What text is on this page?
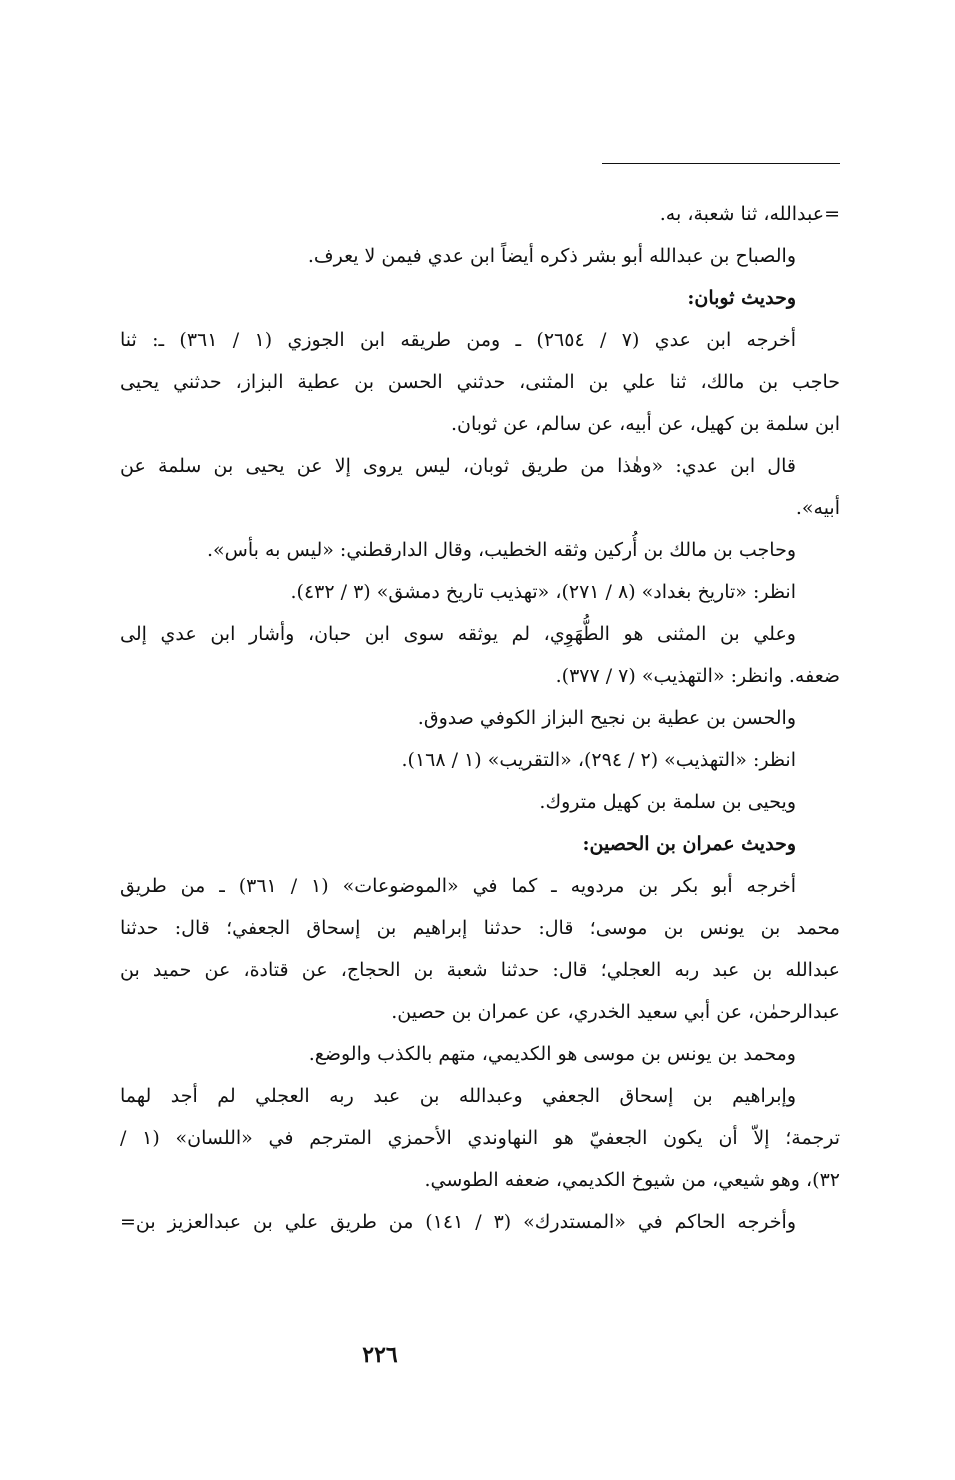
=عبدالله، ثنا شعبة، به.
والصباح بن عبدالله أبو بشر ذكره أيضاً ابن عدي فيمن لا يعرف.
وحديث ثوبان:
أخرجه ابن عدي (٧ / ٢٦٥٤) ـ ومن طريقه ابن الجوزي (١ / ٣٦١) ـ: ثنا
حاجب بن مالك، ثنا علي بن المثنى، حدثني الحسن بن عطية البزاز، حدثني يحيى
ابن سلمة بن كهيل، عن أبيه، عن سالم، عن ثوبان.
قال ابن عدي: «وهٰذا من طريق ثوبان، ليس يروى إلا عن يحيى بن سلمة عن
أبيه».
وحاجب بن مالك بن أُركين وثقه الخطيب، وقال الدارقطني: «ليس به بأس».
انظر: «تاريخ بغداد» (٨ / ٢٧١)، «تهذيب تاريخ دمشق» (٣ / ٤٣٢).
وعلي بن المثنى هو الطُّهَوِي، لم يوثقه سوى ابن حبان، وأشار ابن عدي إلى
ضعفه. وانظر: «التهذيب» (٧ / ٣٧٧).
والحسن بن عطية بن نجيح البزاز الكوفي صدوق.
انظر: «التهذيب» (٢ / ٢٩٤)، «التقريب» (١ / ١٦٨).
ويحيى بن سلمة بن كهيل متروك.
وحديث عمران بن الحصين:
أخرجه أبو بكر بن مردويه ـ كما في «الموضوعات» (١ / ٣٦١) ـ من طريق
محمد بن يونس بن موسى؛ قال: حدثنا إبراهيم بن إسحاق الجعفي؛ قال: حدثنا
عبدالله بن عبد ربه العجلي؛ قال: حدثنا شعبة بن الحجاج، عن قتادة، عن حميد بن
عبدالرحمٰن، عن أبي سعيد الخدري، عن عمران بن حصين.
ومحمد بن يونس بن موسى هو الكديمي، متهم بالكذب والوضع.
وإبراهيم بن إسحاق الجعفي وعبدالله بن عبد ربه العجلي لم أجد لهما
ترجمة؛ إلاّ أن يكون الجعفيّ هو النهاوندي الأحمزي المترجم في «اللسان» (١ /
٣٢)، وهو شيعي، من شيوخ الكديمي، ضعفه الطوسي.
وأخرجه الحاكم في «المستدرك» (٣ / ١٤١) من طريق علي بن عبدالعزيز بن=
٢٢٦
